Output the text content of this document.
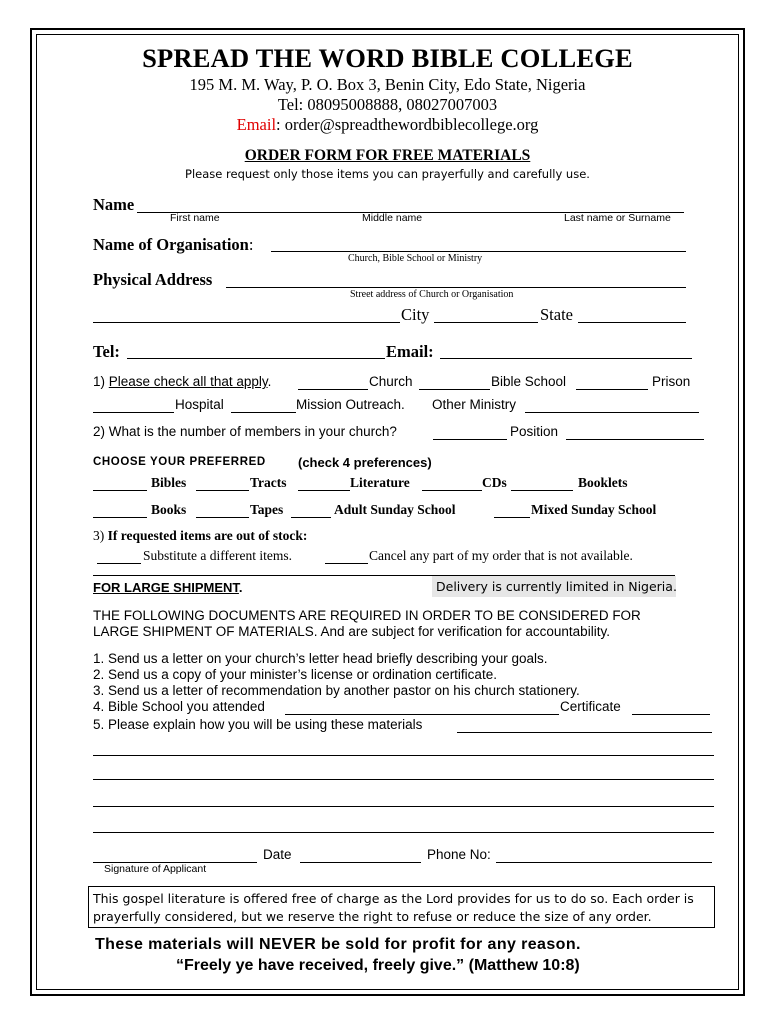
SPREAD THE WORD BIBLE COLLEGE
195 M. M. Way, P. O. Box 3, Benin City, Edo State, Nigeria
Tel: 08095008888, 08027007003
Email: order@spreadthewordbiblecollege.org
ORDER FORM FOR FREE MATERIALS
Please request only those items you can prayerfully and carefully use.
Name
First name	Middle name	Last name or Surname
Name of Organisation:
Church, Bible School or Ministry
Physical Address
Street address of Church or Organisation
City	State
Tel:	Email:
1) Please check all that apply.	Church	Bible School	Prison
Hospital	Mission Outreach. Other Ministry
2) What is the number of members in your church?	Position
CHOOSE YOUR PREFERRED (check 4 preferences)
Bibles	Tracts	Literature	CDs	Booklets
Books	Tapes	Adult Sunday School	Mixed Sunday School
3) If requested items are out of stock:
Substitute a different items.	Cancel any part of my order that is not available.
FOR LARGE SHIPMENT.	Delivery is currently limited in Nigeria.
THE FOLLOWING DOCUMENTS ARE REQUIRED IN ORDER TO BE CONSIDERED FOR
LARGE SHIPMENT OF MATERIALS. And are subject for verification for accountability.
1. Send us a letter on your church’s letter head briefly describing your goals.
2. Send us a copy of your minister’s license or ordination certificate.
3. Send us a letter of recommendation by another pastor on his church stationery.
4. Bible School you attended	Certificate
5. Please explain how you will be using these materials
Date	Phone No:
Signature of Applicant
This gospel literature is offered free of charge as the Lord provides for us to do so. Each order is prayerfully considered, but we reserve the right to refuse or reduce the size of any order.
These materials will NEVER be sold for profit for any reason.
“Freely ye have received, freely give.” (Matthew 10:8)
